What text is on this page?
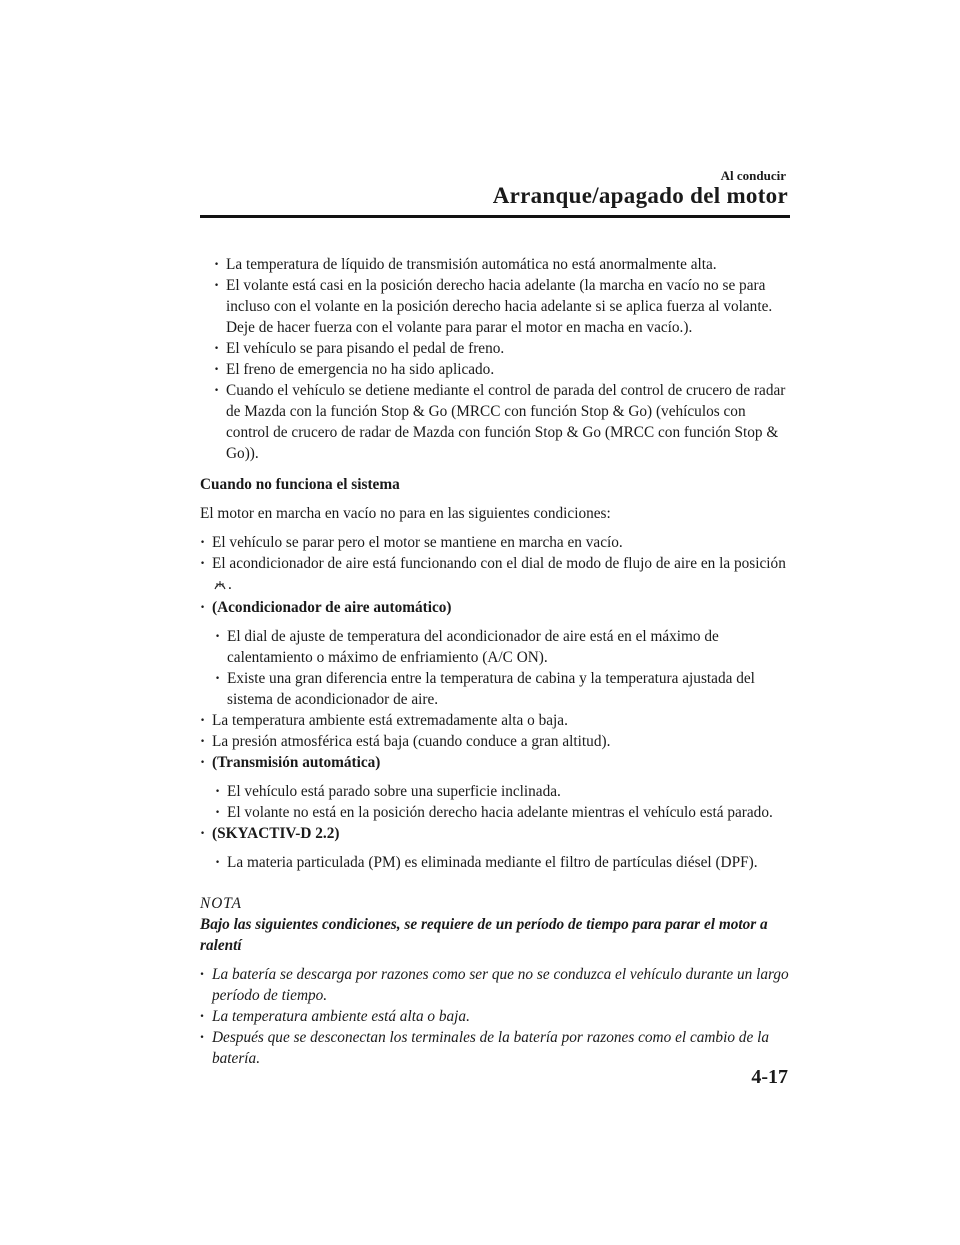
Al conducir
Arranque/apagado del motor
· La temperatura de líquido de transmisión automática no está anormalmente alta.
· El volante está casi en la posición derecho hacia adelante (la marcha en vacío no se para incluso con el volante en la posición derecho hacia adelante si se aplica fuerza al volante. Deje de hacer fuerza con el volante para parar el motor en macha en vacío.).
· El vehículo se para pisando el pedal de freno.
· El freno de emergencia no ha sido aplicado.
· Cuando el vehículo se detiene mediante el control de parada del control de crucero de radar de Mazda con la función Stop & Go (MRCC con función Stop & Go) (vehículos con control de crucero de radar de Mazda con función Stop & Go (MRCC con función Stop & Go)).
Cuando no funciona el sistema
El motor en marcha en vacío no para en las siguientes condiciones:
· El vehículo se parar pero el motor se mantiene en marcha en vacío.
· El acondicionador de aire está funcionando con el dial de modo de flujo de aire en la posición .
· (Acondicionador de aire automático)
· El dial de ajuste de temperatura del acondicionador de aire está en el máximo de calentamiento o máximo de enfriamiento (A/C ON).
· Existe una gran diferencia entre la temperatura de cabina y la temperatura ajustada del sistema de acondicionador de aire.
· La temperatura ambiente está extremadamente alta o baja.
· La presión atmosférica está baja (cuando conduce a gran altitud).
· (Transmisión automática)
· El vehículo está parado sobre una superficie inclinada.
· El volante no está en la posición derecho hacia adelante mientras el vehículo está parado.
· (SKYACTIV-D 2.2)
· La materia particulada (PM) es eliminada mediante el filtro de partículas diésel (DPF).
NOTA
Bajo las siguientes condiciones, se requiere de un período de tiempo para parar el motor a ralentí
· La batería se descarga por razones como ser que no se conduzca el vehículo durante un largo período de tiempo.
· La temperatura ambiente está alta o baja.
· Después que se desconectan los terminales de la batería por razones como el cambio de la batería.
4-17
